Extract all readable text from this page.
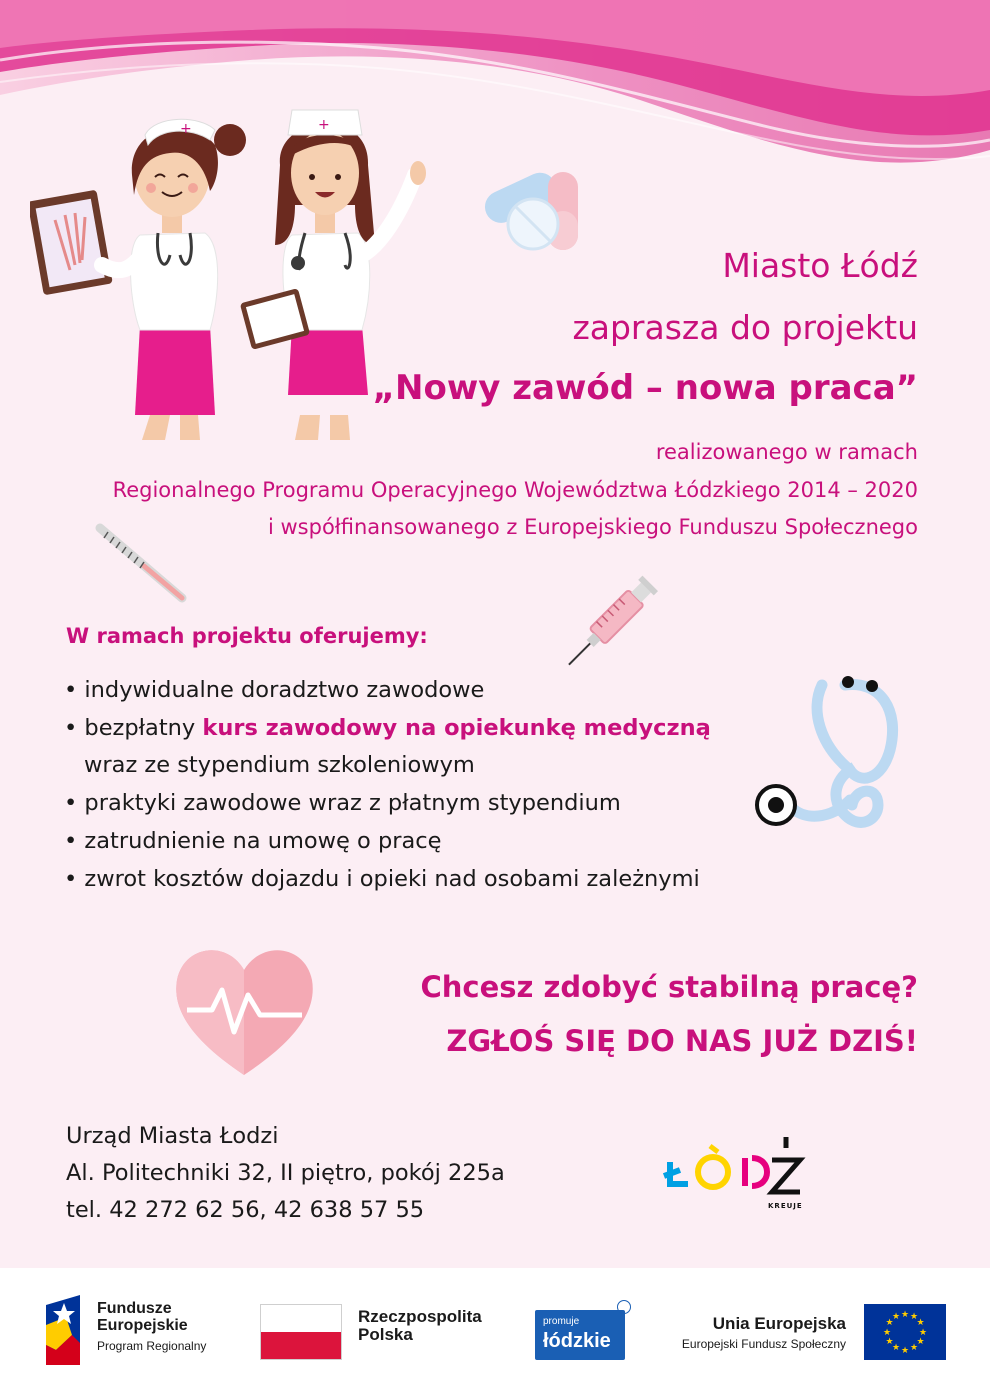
+	+
Miasto Łódź
zaprasza do projektu
„Nowy zawód – nowa praca”
realizowanego w ramach
Regionalnego Programu Operacyjnego Województwa Łódzkiego 2014 – 2020
i współfinansowanego z Europejskiego Funduszu Społecznego
W ramach projektu oferujemy:
• indywidualne doradztwo zawodowe
• bezpłatny kurs zawodowy na opiekunkę medyczną
wraz ze stypendium szkoleniowym
• praktyki zawodowe wraz z płatnym stypendium
• zatrudnienie na umowę o pracę
• zwrot kosztów dojazdu i opieki nad osobami zależnymi
Chcesz zdobyć stabilną pracę?
ZGŁOŚ SIĘ DO NAS JUŻ DZIŚ!
Urząd Miasta Łodzi
Al. Politechniki 32, II piętro, pokój 225a
tel. 42 272 62 56, 42 638 57 55	KREUJE
Fundusze
Europejskie
Program Regionalny
Rzeczpospolita
Polska
promuje
łódzkie
Unia Europejska
Europejski Fundusz Społeczny
★ ★
★
★
★
★
★
★
★
★
★
★
